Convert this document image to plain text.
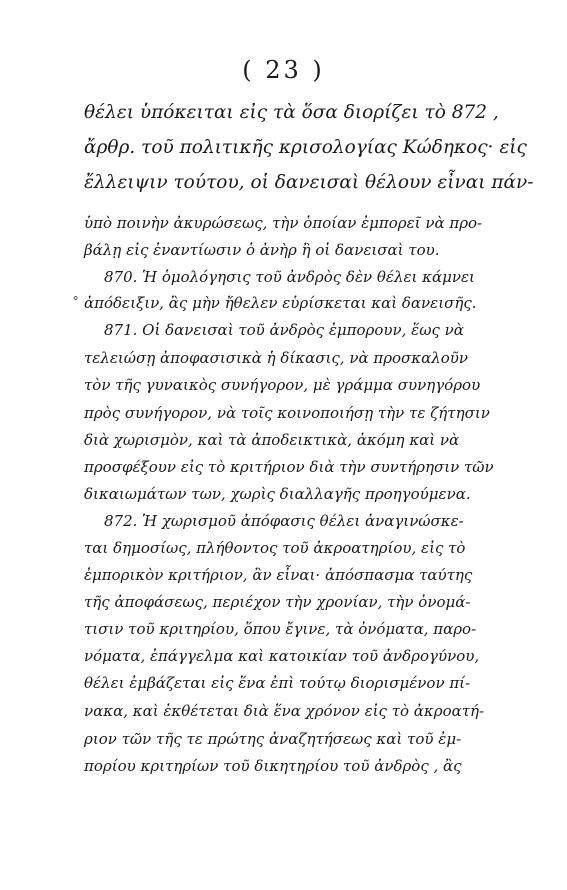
( 23 )
θέλει ὑπόκειται εἰς τὰ ὅσα διορίζει τὸ 872 ,
ἄρθρ. τοῦ πολιτικῆς κρισολογίας Κώδηκος· εἰς
ἔλλειψιν τούτου, οἱ δανεισαὶ θέλουν εἶναι πάν-
ὑπὸ ποινὴν ἀκυρώσεως, τὴν ὁποίαν ἐμπορεῖ νὰ προ-
βάλῃ εἰς ἐναντίωσιν ὁ ἀνὴρ ἢ οἱ δανεισαὶ του.
870. Ἡ ὁμολόγησις τοῦ ἀνδρὸς δὲν θέλει κάμνει
⚬ ἀπόδειξιν, ἂς μὴν ἤθελεν εὑρίσκεται καὶ δανεισῆς.
871. Οἱ δανεισαὶ τοῦ ἀνδρὸς ἐμπορουν, ἕως νὰ
τελειώσῃ ἀποφασισικὰ ἡ δίκασις, νὰ προσκαλοῦν
τὸν τῆς γυναικὸς συνήγορον, μὲ γράμμα συνηγόρου
πρὸς συνήγορον, νὰ τοῖς κοινοποιήσῃ τὴν τε ζήτησιν
διὰ χωρισμὸν, καὶ τὰ ἀποδεικτικὰ, ἀκόμη καὶ νὰ
προσφέξουν εἰς τὸ κριτήριον διὰ τὴν συντήρησιν τῶν
δικαιωμάτων των, χωρὶς διαλλαγῆς προηγούμενα.
872. Ἡ χωρισμοῦ ἀπόφασις θέλει ἀναγινώσκε-
ται δημοσίως, πλήθοντος τοῦ ἀκροατηρίου, εἰς τὸ
ἐμπορικὸν κριτήριον, ἂν εἶναι· ἀπόσπασμα ταύτης
τῆς ἀποφάσεως, περιέχον τὴν χρονίαν, τὴν ὀνομά-
τισιν τοῦ κριτηρίου, ὅπου ἔγινε, τὰ ὀνόματα, παρο-
νόματα, ἐπάγγελμα καὶ κατοικίαν τοῦ ἀνδρογύνου,
θέλει ἐμβάζεται εἰς ἕνα ἐπὶ τούτῳ διορισμένον πί-
νακα, καὶ ἐκθέτεται διὰ ἕνα χρόνον εἰς τὸ ἀκροατή-
ριον τῶν τῆς τε πρώτης ἀναζητήσεως καὶ τοῦ ἐμ-
πορίου κριτηρίων τοῦ δικητηρίου τοῦ ἀνδρὸς , ἂς
